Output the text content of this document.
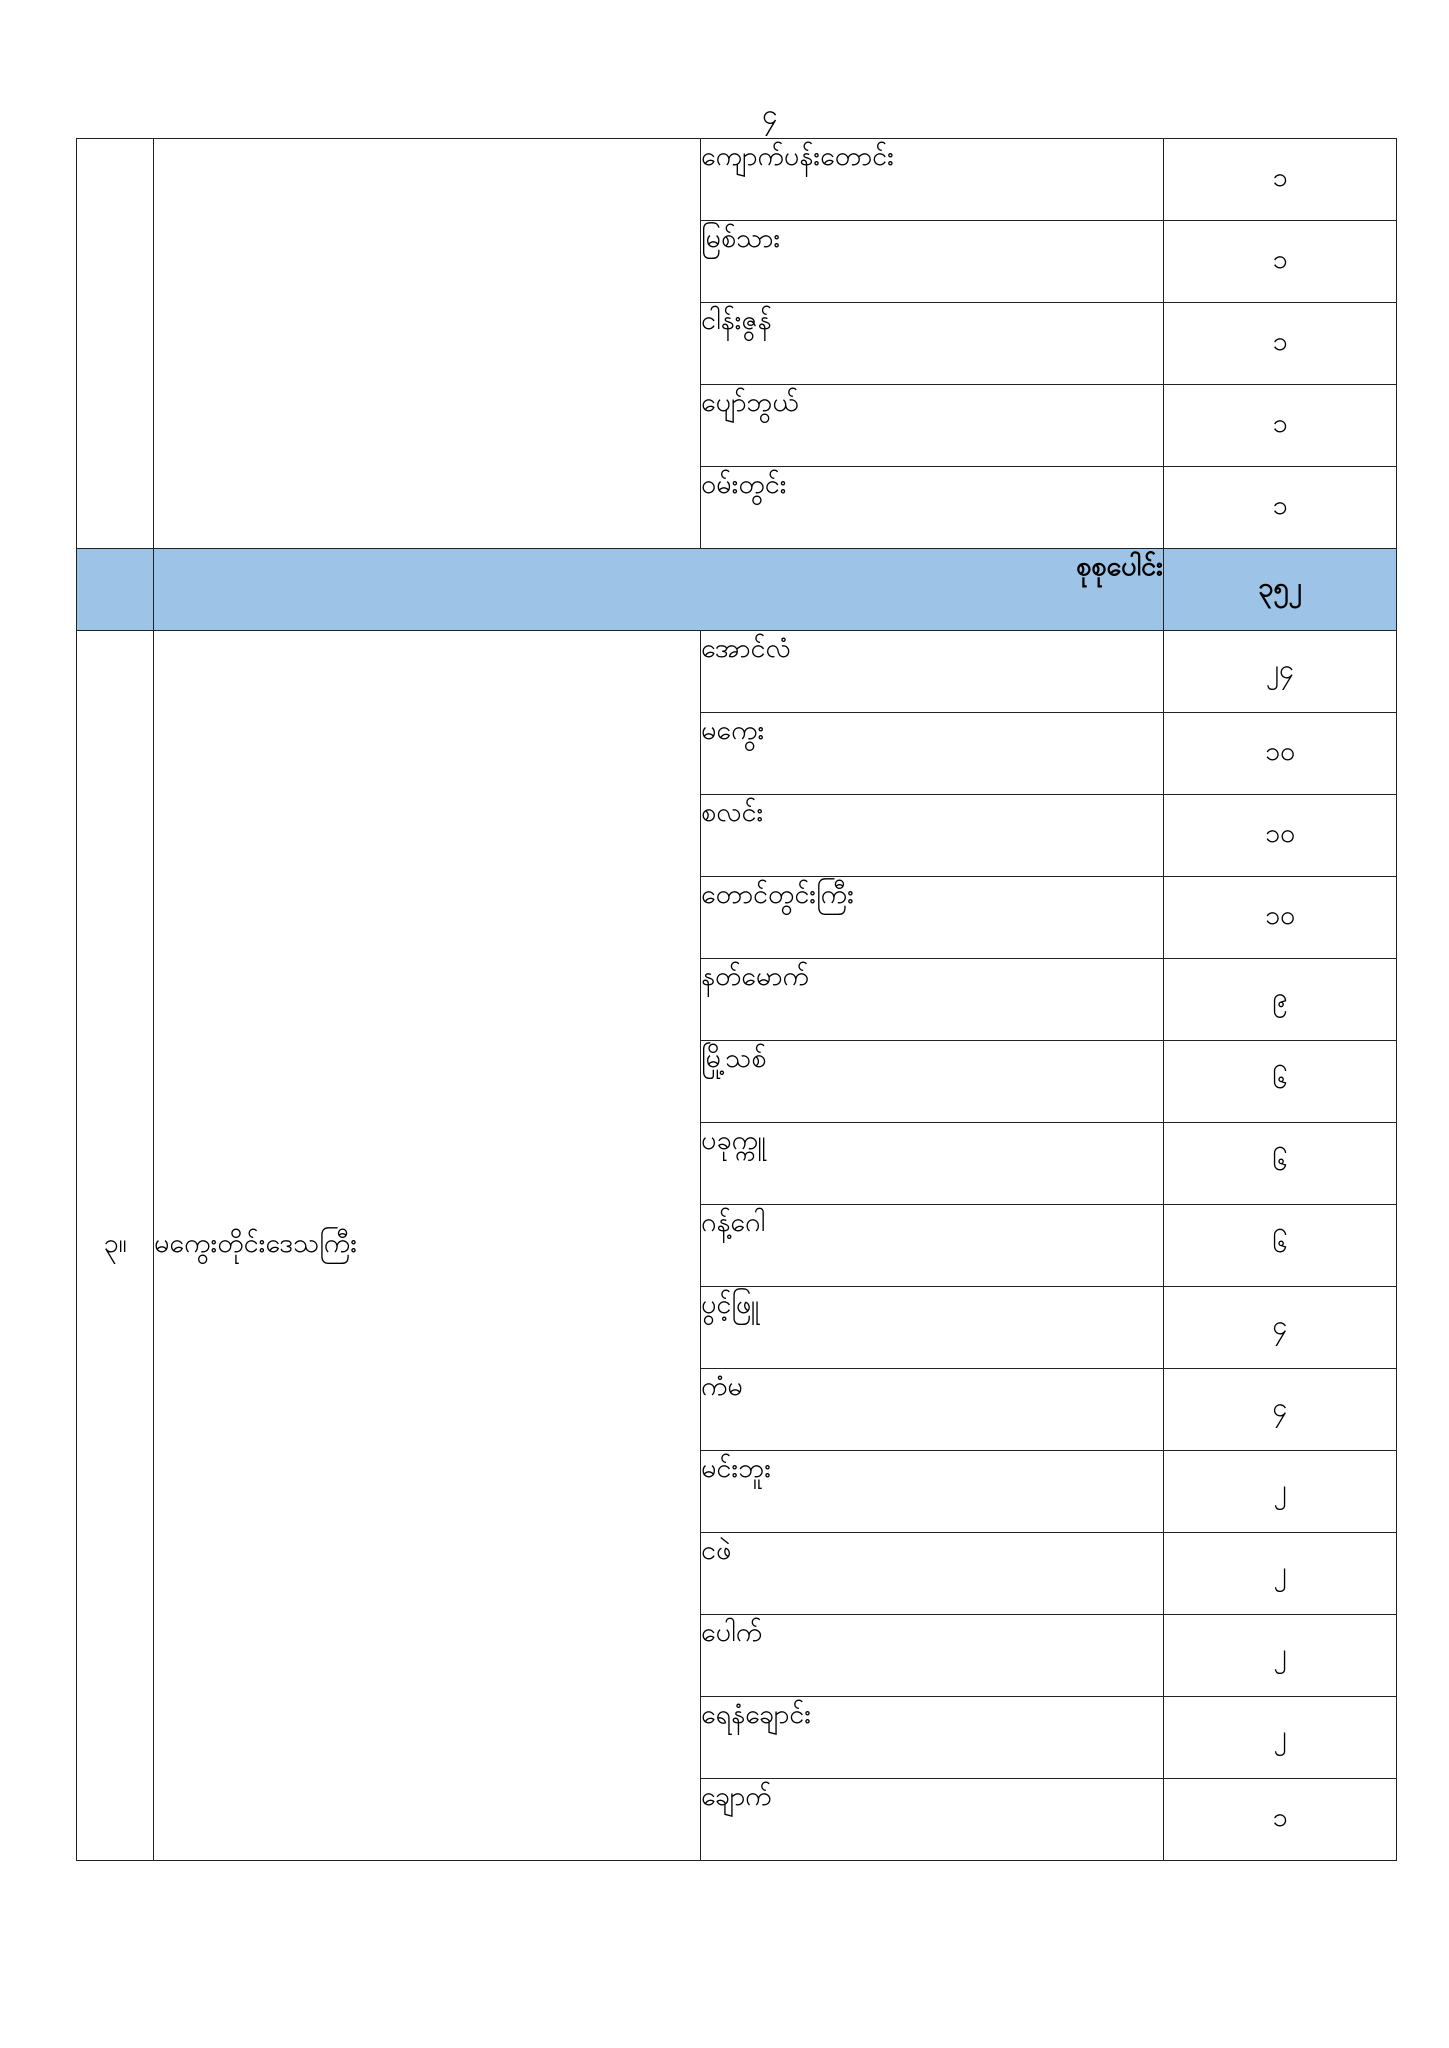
၄
		ကျောက်ပန်းတောင်း	၁
		မြစ်သား	၁
		ငါန်းဇွန်	၁
		ပျော်ဘွယ်	၁
		ဝမ်းတွင်း	၁
	စုစုပေါင်း		၃၅၂
၃။	မကွေးတိုင်းဒေသကြီး	အောင်လံ	၂၄
		မကွေး	၁၀
		စလင်း	၁၀
		တောင်တွင်းကြီး	၁၀
		နတ်မောက်	၉
		မြို့သစ်	၆
		ပခုက္ကူ	၆
		ဂန့်ဂေါ	၆
		ပွင့်ဖြူ	၄
		ကံမ	၄
		မင်းဘူး	၂
		ငဖဲ	၂
		ပေါက်	၂
		ရေနံချောင်း	၂
		ချောက်	၁
